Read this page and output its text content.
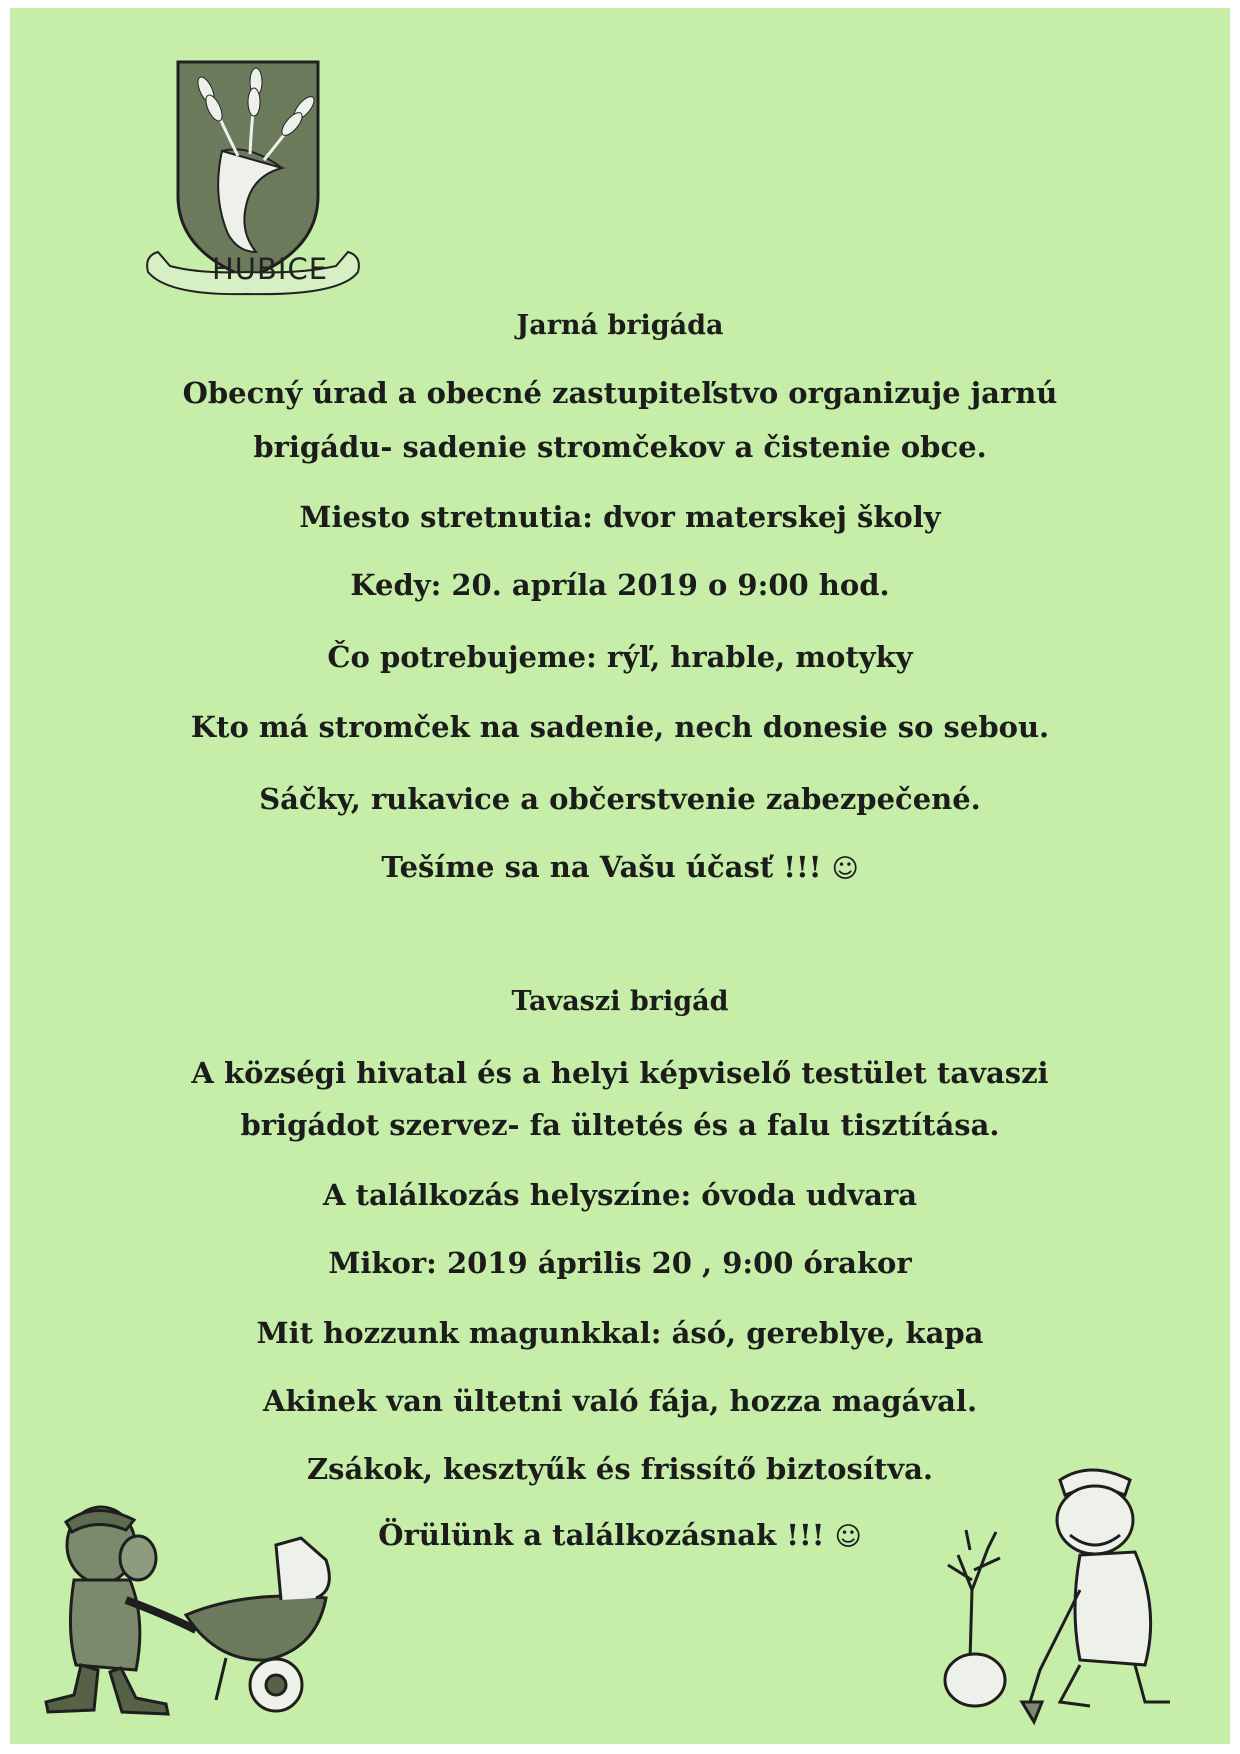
HUBICE
Jarná brigáda
Obecný úrad a obecné zastupiteľstvo organizuje jarnú
brigádu- sadenie stromčekov a čistenie obce.
Miesto stretnutia: dvor materskej školy
Kedy: 20. apríla 2019 o 9:00 hod.
Čo potrebujeme: rýľ, hrable, motyky
Kto má stromček na sadenie, nech donesie so sebou.
Sáčky, rukavice a občerstvenie zabezpečené.
Tešíme sa na Vašu účasť !!! ☺
Tavaszi brigád
A községi hivatal és a helyi képviselő testület tavaszi
brigádot szervez- fa ültetés és a falu tisztítása.
A találkozás helyszíne: óvoda udvara
Mikor: 2019 április 20 , 9:00 órakor
Mit hozzunk magunkkal: ásó, gereblye, kapa
Akinek van ültetni való fája, hozza magával.
Zsákok, kesztyűk és frissítő biztosítva.
Örülünk a találkozásnak !!! ☺
